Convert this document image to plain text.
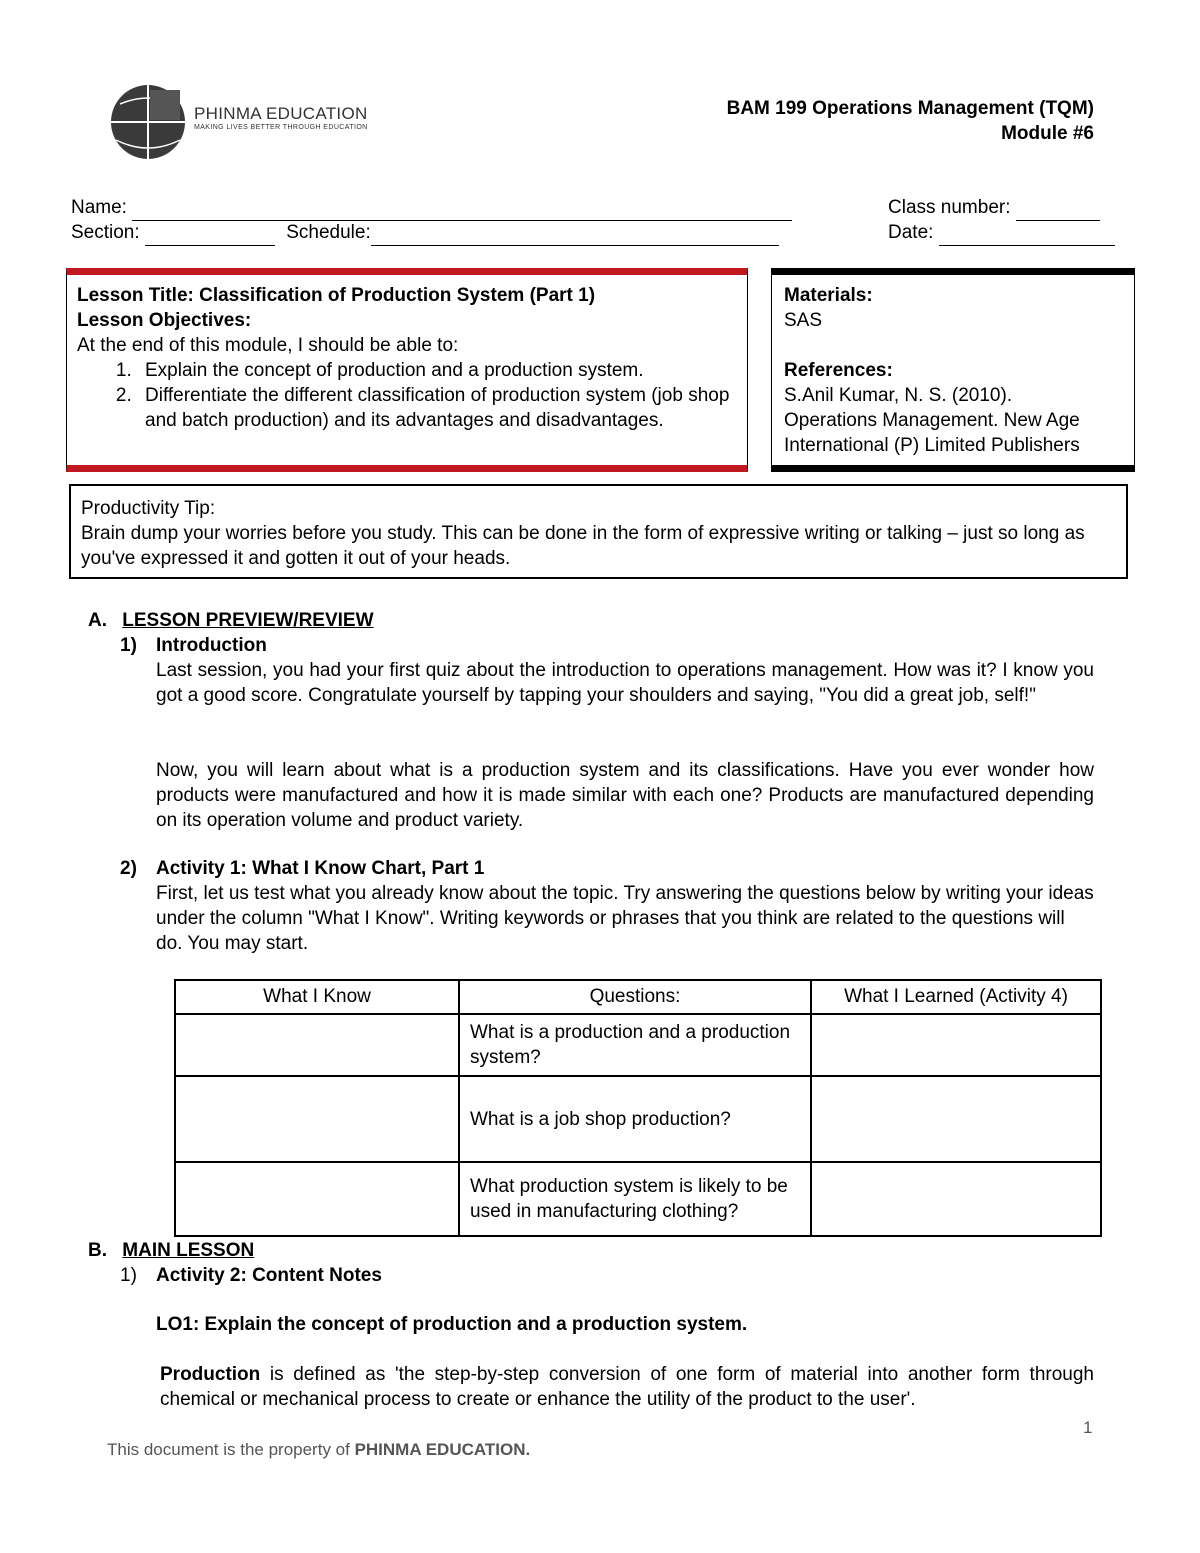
PHINMA EDUCATION
MAKING LIVES BETTER THROUGH EDUCATION
BAM 199 Operations Management (TQM)
Module #6
Name:	Class number:
Section:	Schedule:	Date:
Lesson Title: Classification of Production System (Part 1)
Lesson Objectives:
At the end of this module, I should be able to:
1. Explain the concept of production and a production system.
2. Differentiate the different classification of production system (job shop and batch production) and its advantages and disadvantages.
Materials:
SAS

References:
S.Anil Kumar, N. S. (2010).
Operations Management. New Age
International (P) Limited Publishers
Productivity Tip:
Brain dump your worries before you study. This can be done in the form of expressive writing or talking – just so long as you've expressed it and gotten it out of your heads.
A. LESSON PREVIEW/REVIEW
1) Introduction
Last session, you had your first quiz about the introduction to operations management. How was it? I know you got a good score. Congratulate yourself by tapping your shoulders and saying, "You did a great job, self!"
Now, you will learn about what is a production system and its classifications. Have you ever wonder how products were manufactured and how it is made similar with each one? Products are manufactured depending on its operation volume and product variety.
2) Activity 1: What I Know Chart, Part 1
First, let us test what you already know about the topic. Try answering the questions below by writing your ideas under the column "What I Know". Writing keywords or phrases that you think are related to the questions will do. You may start.
What I Know	Questions:	What I Learned (Activity 4)
	What is a production and a production system?	
	What is a job shop production?	
	What production system is likely to be used in manufacturing clothing?	
B. MAIN LESSON
1) Activity 2: Content Notes
LO1: Explain the concept of production and a production system.
Production is defined as 'the step-by-step conversion of one form of material into another form through chemical or mechanical process to create or enhance the utility of the product to the user'.
1
This document is the property of PHINMA EDUCATION.
